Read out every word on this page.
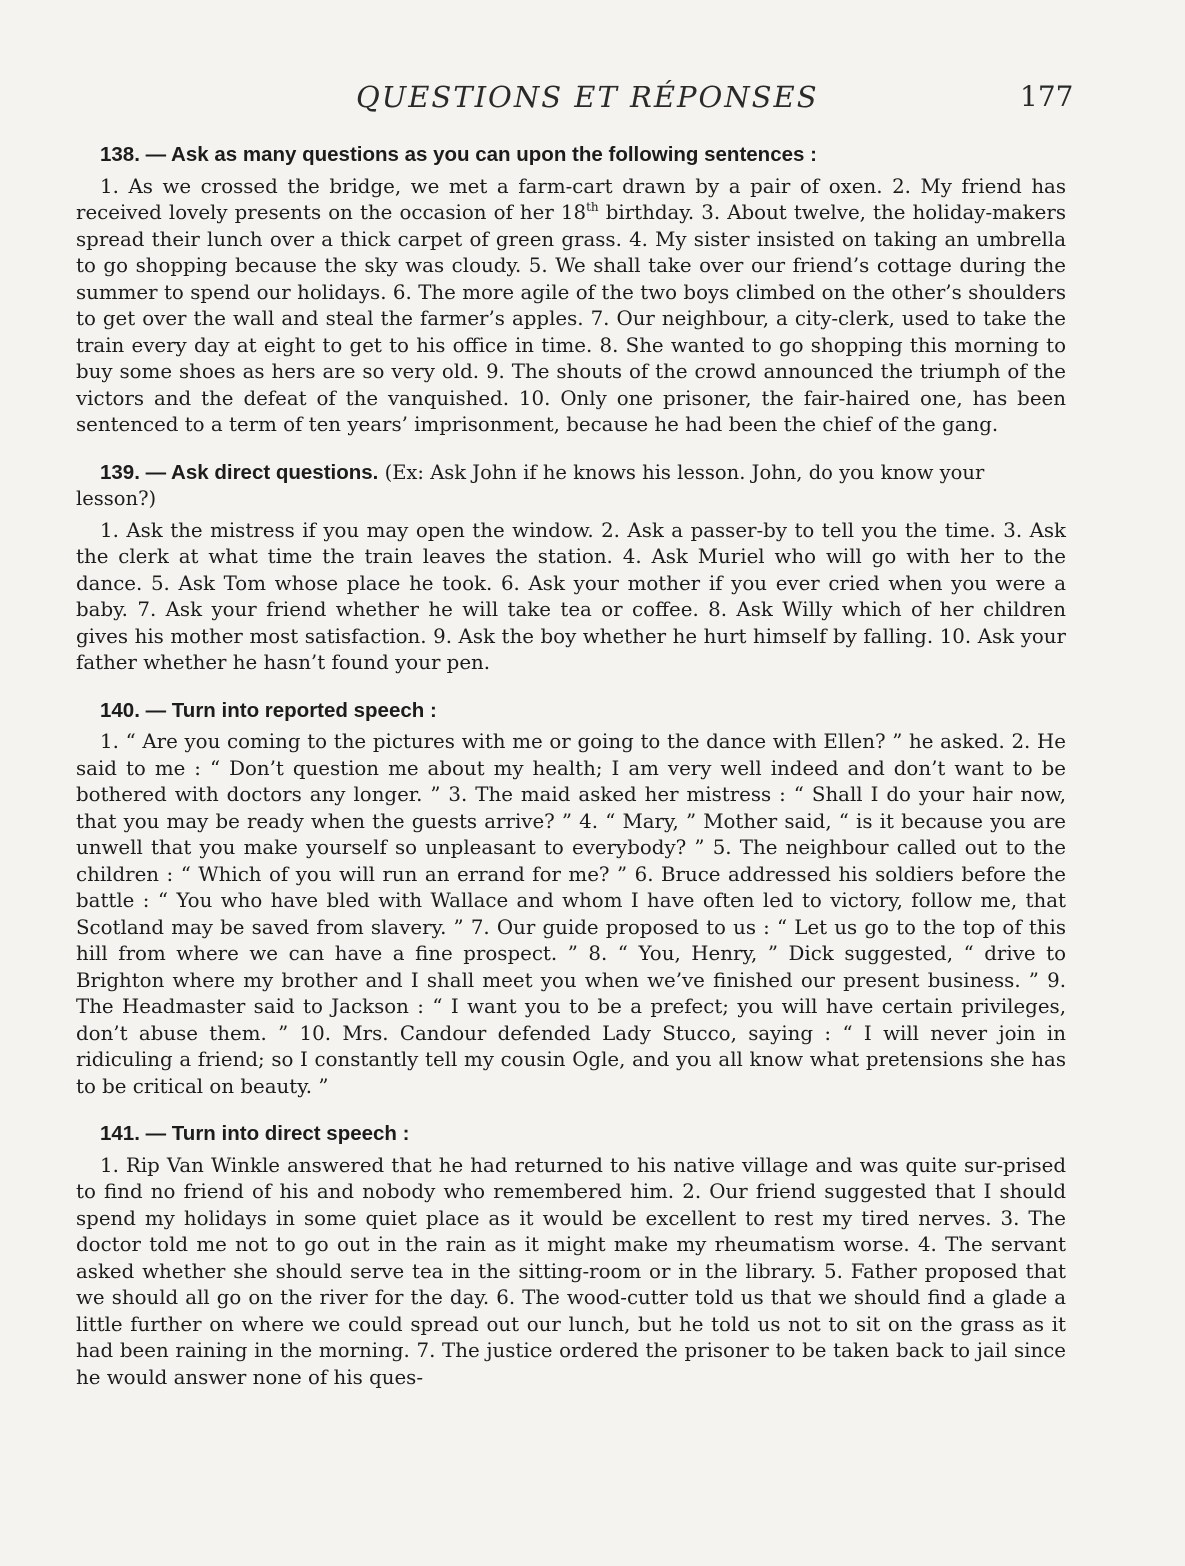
QUESTIONS ET RÉPONSES	177
138. — Ask as many questions as you can upon the following sentences :
1. As we crossed the bridge, we met a farm-cart drawn by a pair of oxen. 2. My friend has received lovely presents on the occasion of her 18th birthday. 3. About twelve, the holiday-makers spread their lunch over a thick carpet of green grass. 4. My sister insisted on taking an umbrella to go shopping because the sky was cloudy. 5. We shall take over our friend’s cottage during the summer to spend our holidays. 6. The more agile of the two boys climbed on the other’s shoulders to get over the wall and steal the farmer’s apples. 7. Our neighbour, a city-clerk, used to take the train every day at eight to get to his office in time. 8. She wanted to go shopping this morning to buy some shoes as hers are so very old. 9. The shouts of the crowd announced the triumph of the victors and the defeat of the vanquished. 10. Only one prisoner, the fair-haired one, has been sentenced to a term of ten years’ imprisonment, because he had been the chief of the gang.
139. — Ask direct questions. (Ex: Ask John if he knows his lesson. John, do you know your lesson?)
1. Ask the mistress if you may open the window. 2. Ask a passer-by to tell you the time. 3. Ask the clerk at what time the train leaves the station. 4. Ask Muriel who will go with her to the dance. 5. Ask Tom whose place he took. 6. Ask your mother if you ever cried when you were a baby. 7. Ask your friend whether he will take tea or coffee. 8. Ask Willy which of her children gives his mother most satisfaction. 9. Ask the boy whether he hurt himself by falling. 10. Ask your father whether he hasn’t found your pen.
140. — Turn into reported speech :
1. “ Are you coming to the pictures with me or going to the dance with Ellen? ” he asked. 2. He said to me : “ Don’t question me about my health; I am very well indeed and don’t want to be bothered with doctors any longer. ” 3. The maid asked her mistress : “ Shall I do your hair now, that you may be ready when the guests arrive? ” 4. “ Mary, ” Mother said, “ is it because you are unwell that you make yourself so unpleasant to everybody? ” 5. The neighbour called out to the children : “ Which of you will run an errand for me? ” 6. Bruce addressed his soldiers before the battle : “ You who have bled with Wallace and whom I have often led to victory, follow me, that Scotland may be saved from slavery. ” 7. Our guide proposed to us : “ Let us go to the top of this hill from where we can have a fine prospect. ” 8. “ You, Henry, ” Dick suggested, “ drive to Brighton where my brother and I shall meet you when we’ve finished our present business. ” 9. The Headmaster said to Jackson : “ I want you to be a prefect; you will have certain privileges, don’t abuse them. ” 10. Mrs. Candour defended Lady Stucco, saying : “ I will never join in ridiculing a friend; so I constantly tell my cousin Ogle, and you all know what pretensions she has to be critical on beauty. ”
141. — Turn into direct speech :
1. Rip Van Winkle answered that he had returned to his native village and was quite sur-prised to find no friend of his and nobody who remembered him. 2. Our friend suggested that I should spend my holidays in some quiet place as it would be excellent to rest my tired nerves. 3. The doctor told me not to go out in the rain as it might make my rheumatism worse. 4. The servant asked whether she should serve tea in the sitting-room or in the library. 5. Father proposed that we should all go on the river for the day. 6. The wood-cutter told us that we should find a glade a little further on where we could spread out our lunch, but he told us not to sit on the grass as it had been raining in the morning. 7. The justice ordered the prisoner to be taken back to jail since he would answer none of his ques-
